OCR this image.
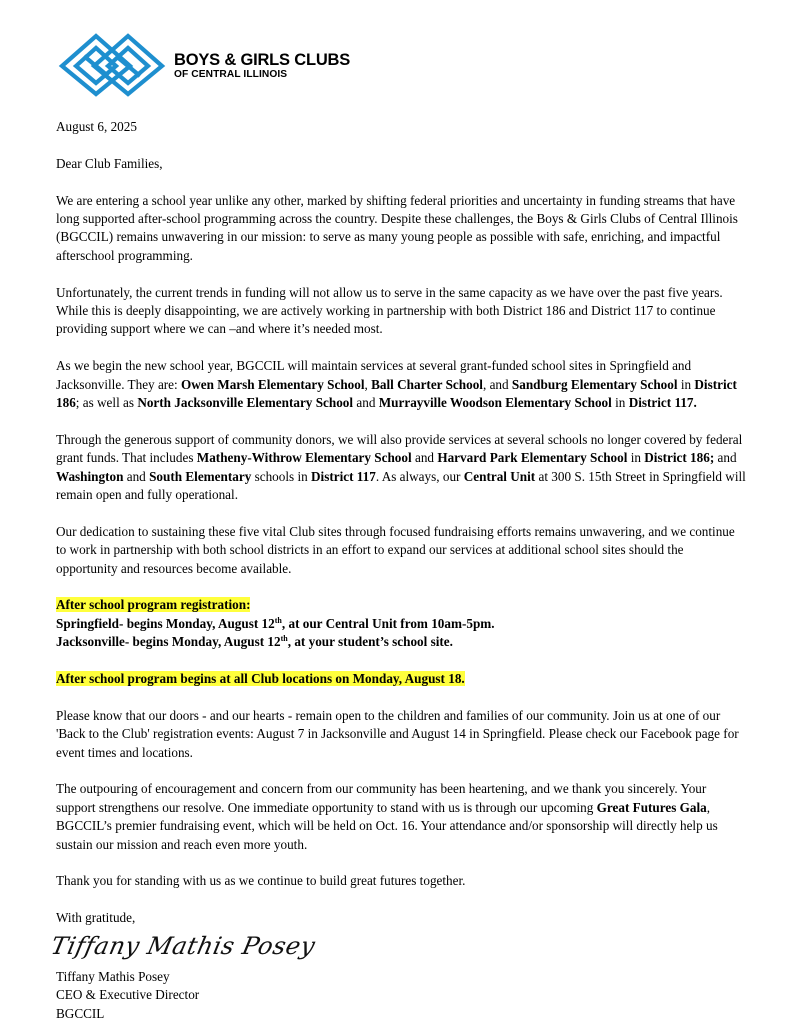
BOYS & GIRLS CLUBS
OF CENTRAL ILLINOIS

August 6, 2025

Dear Club Families,

We are entering a school year unlike any other, marked by shifting federal priorities and uncertainty in funding streams that have long supported after-school programming across the country. Despite these challenges, the Boys & Girls Clubs of Central Illinois (BGCCIL) remains unwavering in our mission: to serve as many young people as possible with safe, enriching, and impactful afterschool programming.

Unfortunately, the current trends in funding will not allow us to serve in the same capacity as we have over the past five years. While this is deeply disappointing, we are actively working in partnership with both District 186 and District 117 to continue providing support where we can –and where it’s needed most.

As we begin the new school year, BGCCIL will maintain services at several grant-funded school sites in Springfield and Jacksonville. They are: Owen Marsh Elementary School, Ball Charter School, and Sandburg Elementary School in District 186; as well as North Jacksonville Elementary School and Murrayville Woodson Elementary School in District 117.

Through the generous support of community donors, we will also provide services at several schools no longer covered by federal grant funds. That includes Matheny-Withrow Elementary School and Harvard Park Elementary School in District 186; and Washington and South Elementary schools in District 117. As always, our Central Unit at 300 S. 15th Street in Springfield will remain open and fully operational.

Our dedication to sustaining these five vital Club sites through focused fundraising efforts remains unwavering, and we continue to work in partnership with both school districts in an effort to expand our services at additional school sites should the opportunity and resources become available.

After school program registration:
Springfield- begins Monday, August 12th, at our Central Unit from 10am-5pm.
Jacksonville- begins Monday, August 12th, at your student’s school site.

After school program begins at all Club locations on Monday, August 18.

Please know that our doors - and our hearts - remain open to the children and families of our community. Join us at one of our 'Back to the Club' registration events: August 7 in Jacksonville and August 14 in Springfield. Please check our Facebook page for event times and locations.

The outpouring of encouragement and concern from our community has been heartening, and we thank you sincerely. Your support strengthens our resolve. One immediate opportunity to stand with us is through our upcoming Great Futures Gala, BGCCIL’s premier fundraising event, which will be held on Oct. 16. Your attendance and/or sponsorship will directly help us sustain our mission and reach even more youth.

Thank you for standing with us as we continue to build great futures together.

With gratitude,
Tiffany Mathis Posey
Tiffany Mathis Posey
CEO & Executive Director
BGCCIL
